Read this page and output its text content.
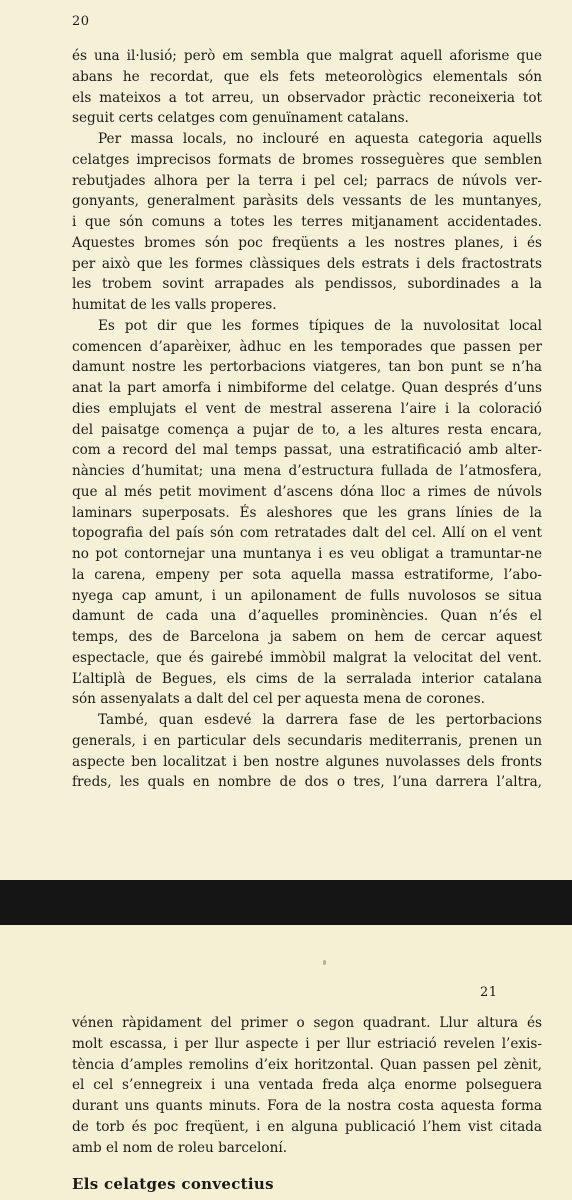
20

és una il·lusió; però em sembla que malgrat aquell aforisme que
abans he recordat, que els fets meteorològics elementals són
els mateixos a tot arreu, un observador pràctic reconeixeria tot
seguit certs celatges com genuïnament catalans.
Per massa locals, no inclouré en aquesta categoria aquells
celatges imprecisos formats de bromes rosseguères que semblen
rebutjades alhora per la terra i pel cel; parracs de núvols ver-
gonyants, generalment paràsits dels vessants de les muntanyes,
i que són comuns a totes les terres mitjanament accidentades.
Aquestes bromes són poc freqüents a les nostres planes, i és
per això que les formes clàssiques dels estrats i dels fractostrats
les trobem sovint arrapades als pendissos, subordinades a la
humitat de les valls properes.
Es pot dir que les formes típiques de la nuvolositat local
comencen d’aparèixer, àdhuc en les temporades que passen per
damunt nostre les pertorbacions viatgeres, tan bon punt se n’ha
anat la part amorfa i nimbiforme del celatge. Quan després d’uns
dies emplujats el vent de mestral asserena l’aire i la coloració
del paisatge comença a pujar de to, a les altures resta encara,
com a record del mal temps passat, una estratificació amb alter-
nàncies d’humitat; una mena d’estructura fullada de l’atmosfera,
que al més petit moviment d’ascens dóna lloc a rimes de núvols
laminars superposats. És aleshores que les grans línies de la
topografia del país són com retratades dalt del cel. Allí on el vent
no pot contornejar una muntanya i es veu obligat a tramuntar-ne
la carena, empeny per sota aquella massa estratiforme, l’abo-
nyega cap amunt, i un apilonament de fulls nuvolosos se situa
damunt de cada una d’aquelles prominències. Quan n’és el
temps, des de Barcelona ja sabem on hem de cercar aquest
espectacle, que és gairebé immòbil malgrat la velocitat del vent.
L’altiplà de Begues, els cims de la serralada interior catalana
són assenyalats a dalt del cel per aquesta mena de corones.
També, quan esdevé la darrera fase de les pertorbacions
generals, i en particular dels secundaris mediterranis, prenen un
aspecte ben localitzat i ben nostre algunes nuvolasses dels fronts
freds, les quals en nombre de dos o tres, l’una darrera l’altra,

21

vénen ràpidament del primer o segon quadrant. Llur altura és
molt escassa, i per llur aspecte i per llur estriació revelen l’exis-
tència d’amples remolins d’eix horitzontal. Quan passen pel zènit,
el cel s’ennegreix i una ventada freda alça enorme polseguera
durant uns quants minuts. Fora de la nostra costa aquesta forma
de torb és poc freqüent, i en alguna publicació l’hem vist citada
amb el nom de roleu barceloní.

Els celatges convectius
